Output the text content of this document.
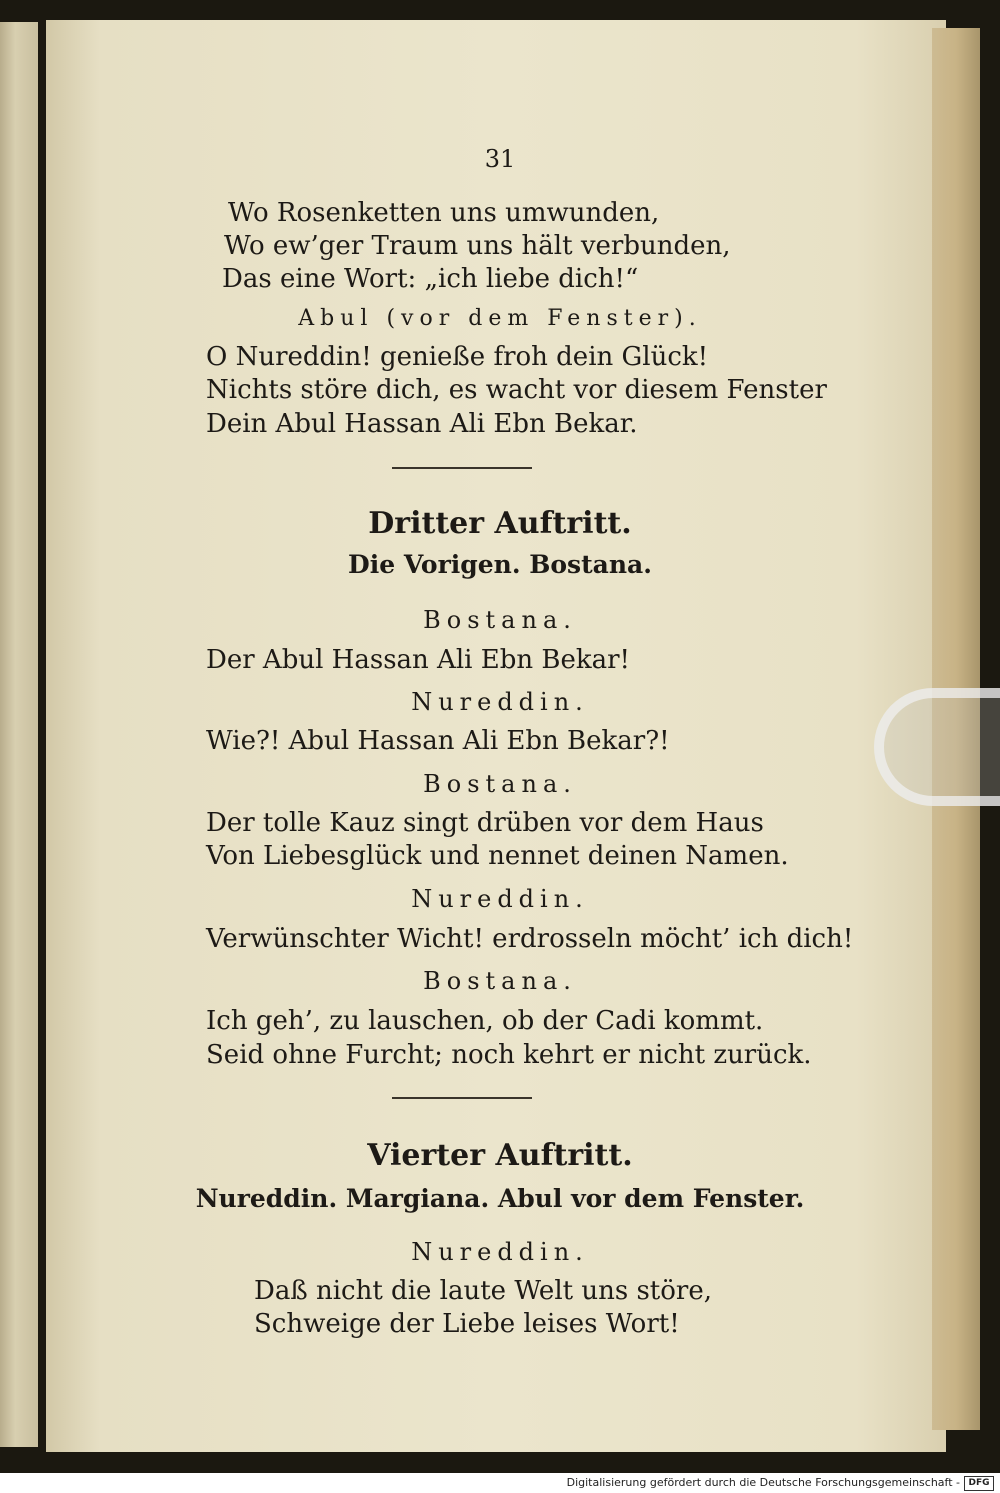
31
Wo Rosenketten uns umwunden,
Wo ew’ger Traum uns hält verbunden,
Das eine Wort: „ich liebe dich!“
Abul (vor dem Fenster).
O Nureddin! genieße froh dein Glück!
Nichts störe dich, es wacht vor diesem Fenster
Dein Abul Hassan Ali Ebn Bekar.
Dritter Auftritt.
Die Vorigen. Bostana.
Bostana.
Der Abul Hassan Ali Ebn Bekar!
Nureddin.
Wie?! Abul Hassan Ali Ebn Bekar?!
Bostana.
Der tolle Kauz singt drüben vor dem Haus
Von Liebesglück und nennet deinen Namen.
Nureddin.
Verwünschter Wicht! erdrosseln möcht’ ich dich!
Bostana.
Ich geh’, zu lauschen, ob der Cadi kommt.
Seid ohne Furcht; noch kehrt er nicht zurück.
Vierter Auftritt.
Nureddin. Margiana. Abul vor dem Fenster.
Nureddin.
Daß nicht die laute Welt uns störe,
Schweige der Liebe leises Wort!
Digitalisierung gefördert durch die Deutsche Forschungsgemeinschaft - DFG
